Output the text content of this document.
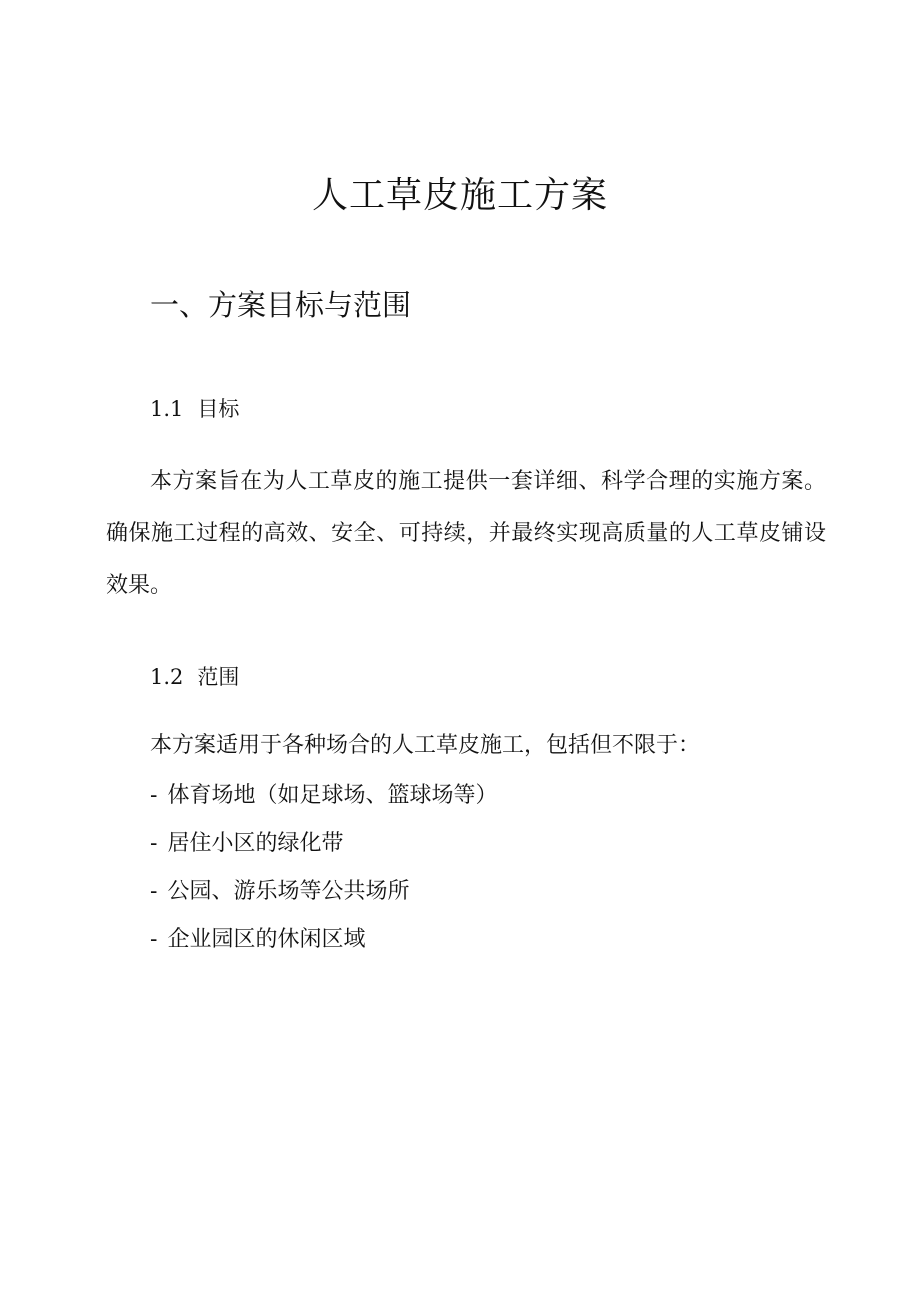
人工草皮施工方案
一、方案目标与范围
1.1 目标

本方案旨在为人工草皮的施工提供一套详细、科学合理的实施方案。确保施工过程的高效、安全、可持续，并最终实现高质量的人工草皮铺设效果。

1.2 范围

本方案适用于各种场合的人工草皮施工，包括但不限于：

- 体育场地（如足球场、篮球场等）
- 居住小区的绿化带
- 公园、游乐场等公共场所
- 企业园区的休闲区域
